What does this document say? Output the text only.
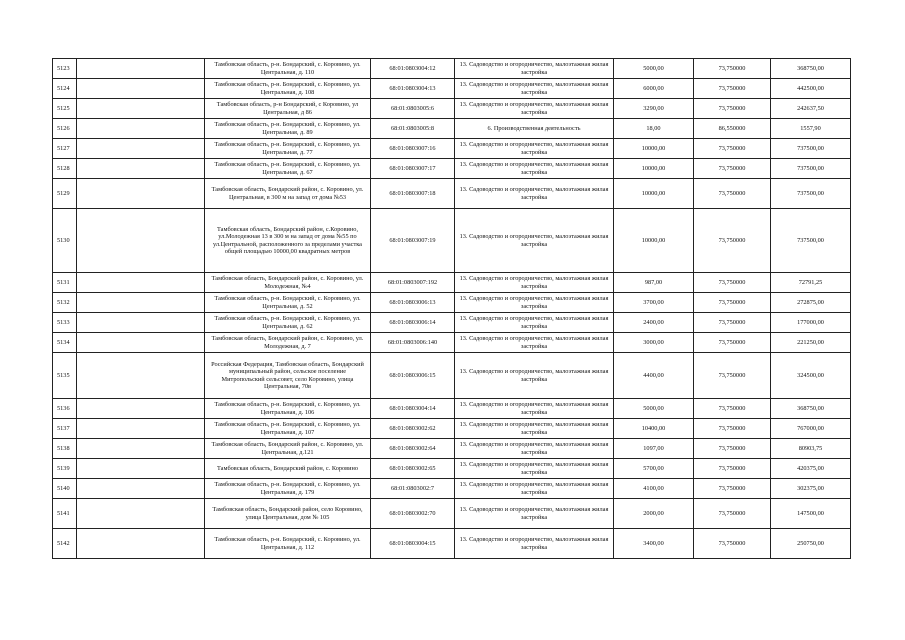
5123		Тамбовская область, р-н. Бондарский, с. Коровино, ул. Центральная, д. 110	68:01:0803004:12	13. Садоводство и огородничество, малоэтажная жилая застройка	5000,00	73,750000	368750,00
5124		Тамбовская область, р-н. Бондарский, с. Коровино, ул. Центральная, д. 108	68:01:0803004:13	13. Садоводство и огородничество, малоэтажная жилая застройка	6000,00	73,750000	442500,00
5125		Тамбовская область, р-н Бондарский, с Коровино, ул Центральная, д 86	68:01:0803005:6	13. Садоводство и огородничество, малоэтажная жилая застройка	3290,00	73,750000	242637,50
5126		Тамбовская область, р-н. Бондарский, с. Коровино, ул. Центральная, д. 89	68:01:0803005:8	6. Производственная деятельность	18,00	86,550000	1557,90
5127		Тамбовская область, р-н. Бондарский, с. Коровино, ул. Центральная, д. 77	68:01:0803007:16	13. Садоводство и огородничество, малоэтажная жилая застройка	10000,00	73,750000	737500,00
5128		Тамбовская область, р-н. Бондарский, с. Коровино, ул. Центральная, д. 67	68:01:0803007:17	13. Садоводство и огородничество, малоэтажная жилая застройка	10000,00	73,750000	737500,00
5129		Тамбовская область, Бондарский район, с. Коровино, ул. Центральная, в 300 м на запад от дома №53	68:01:0803007:18	13. Садоводство и огородничество, малоэтажная жилая застройка	10000,00	73,750000	737500,00
5130		Тамбовская область, Бондарский район, с.Коровино, ул.Молодежная 13 в 300 м на запад от дома №55 по ул.Центральной, расположенного за пределами участка общей площадью 10000,00 квадратных метров	68:01:0803007:19	13. Садоводство и огородничество, малоэтажная жилая застройка	10000,00	73,750000	737500,00
5131		Тамбовская область, Бондарский район, с. Коровино, ул. Молодежная, №4	68:01:0803007:192	13. Садоводство и огородничество, малоэтажная жилая застройка	987,00	73,750000	72791,25
5132		Тамбовская область, р-н. Бондарский, с. Коровино, ул. Центральная, д. 52	68:01:0803006:13	13. Садоводство и огородничество, малоэтажная жилая застройка	3700,00	73,750000	272875,00
5133		Тамбовская область, р-н. Бондарский, с. Коровино, ул. Центральная, д. 62	68:01:0803006:14	13. Садоводство и огородничество, малоэтажная жилая застройка	2400,00	73,750000	177000,00
5134		Тамбовская область, Бондарский район, с. Коровино, ул. Молодежная, д. 7	68:01:0803006:140	13. Садоводство и огородничество, малоэтажная жилая застройка	3000,00	73,750000	221250,00
5135		Российская Федерация, Тамбовская область, Бондарский муниципальный район, сельское поселение Митропольский сельсовет, село Коровино, улица Центральная, 70в	68:01:0803006:15	13. Садоводство и огородничество, малоэтажная жилая застройка	4400,00	73,750000	324500,00
5136		Тамбовская область, р-н. Бондарский, с. Коровино, ул. Центральная, д. 106	68:01:0803004:14	13. Садоводство и огородничество, малоэтажная жилая застройка	5000,00	73,750000	368750,00
5137		Тамбовская область, р-н. Бондарский, с. Коровино, ул. Центральная, д. 107	68:01:0803002:62	13. Садоводство и огородничество, малоэтажная жилая застройка	10400,00	73,750000	767000,00
5138		Тамбовская область, Бондарский район, с. Коровино, ул. Центральная, д.121	68:01:0803002:64	13. Садоводство и огородничество, малоэтажная жилая застройка	1097,00	73,750000	80903,75
5139		Тамбовская область, Бондарский район, с. Коровино	68:01:0803002:65	13. Садоводство и огородничество, малоэтажная жилая застройка	5700,00	73,750000	420375,00
5140		Тамбовская область, р-н. Бондарский, с. Коровино, ул. Центральная, д. 179	68:01:0803002:7	13. Садоводство и огородничество, малоэтажная жилая застройка	4100,00	73,750000	302375,00
5141		Тамбовская область, Бондарский район, село Коровино, улица Центральная, дом № 105	68:01:0803002:70	13. Садоводство и огородничество, малоэтажная жилая застройка	2000,00	73,750000	147500,00
5142		Тамбовская область, р-н. Бондарский, с. Коровино, ул. Центральная, д. 112	68:01:0803004:15	13. Садоводство и огородничество, малоэтажная жилая застройка	3400,00	73,750000	250750,00
